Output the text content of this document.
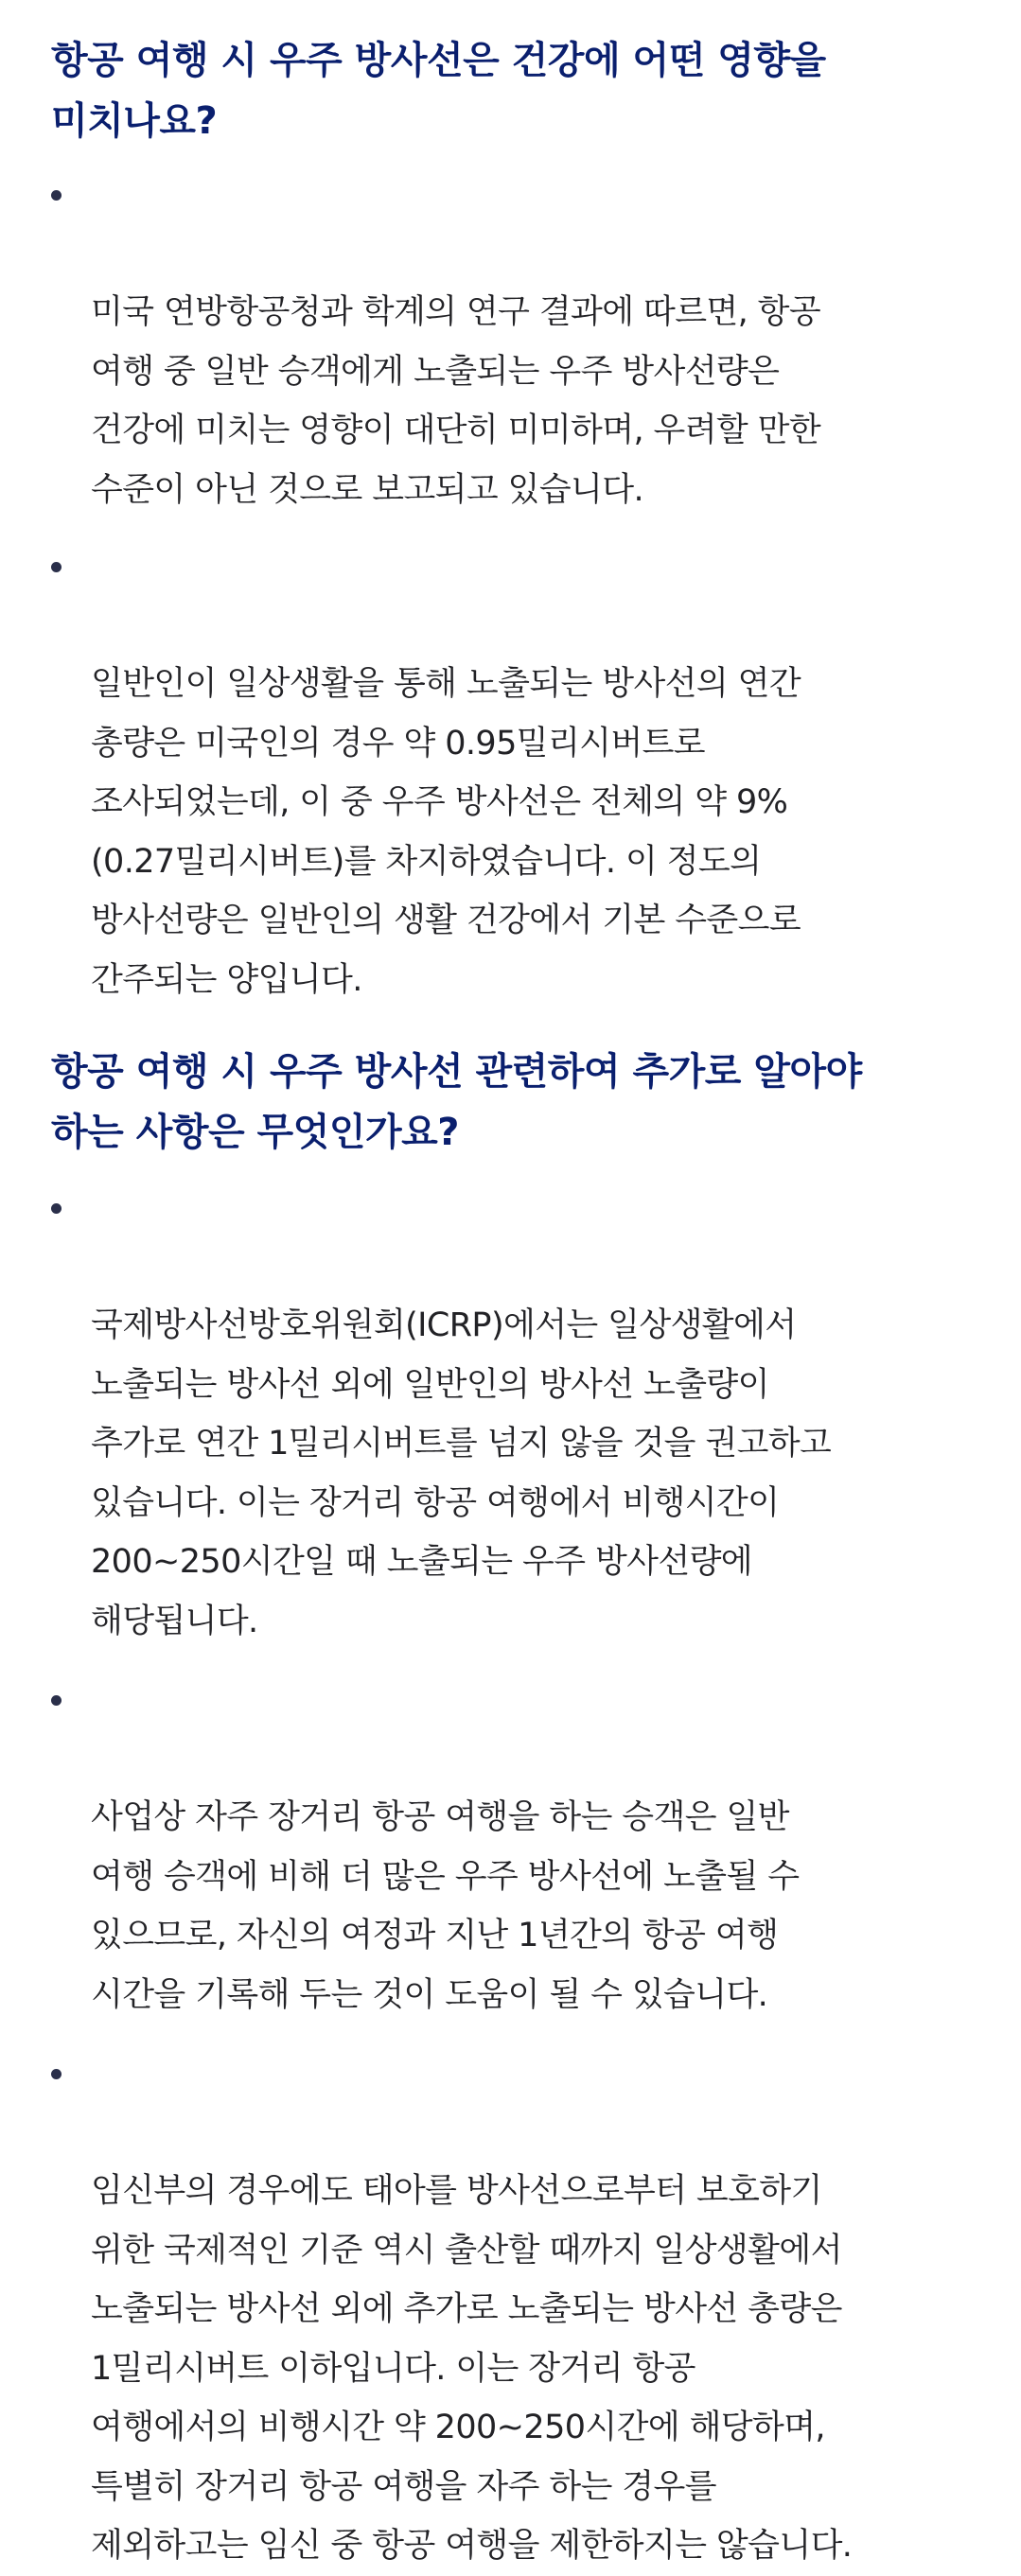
항공 여행 시 우주 방사선은 건강에 어떤 영향을
미치나요?

미국 연방항공청과 학계의 연구 결과에 따르면, 항공
여행 중 일반 승객에게 노출되는 우주 방사선량은
건강에 미치는 영향이 대단히 미미하며, 우려할 만한
수준이 아닌 것으로 보고되고 있습니다.

일반인이 일상생활을 통해 노출되는 방사선의 연간
총량은 미국인의 경우 약 0.95밀리시버트로
조사되었는데, 이 중 우주 방사선은 전체의 약 9%
(0.27밀리시버트)를 차지하였습니다. 이 정도의
방사선량은 일반인의 생활 건강에서 기본 수준으로
간주되는 양입니다.

항공 여행 시 우주 방사선 관련하여 추가로 알아야
하는 사항은 무엇인가요?

국제방사선방호위원회(ICRP)에서는 일상생활에서
노출되는 방사선 외에 일반인의 방사선 노출량이
추가로 연간 1밀리시버트를 넘지 않을 것을 권고하고
있습니다. 이는 장거리 항공 여행에서 비행시간이
200~250시간일 때 노출되는 우주 방사선량에
해당됩니다.

사업상 자주 장거리 항공 여행을 하는 승객은 일반
여행 승객에 비해 더 많은 우주 방사선에 노출될 수
있으므로, 자신의 여정과 지난 1년간의 항공 여행
시간을 기록해 두는 것이 도움이 될 수 있습니다.

임신부의 경우에도 태아를 방사선으로부터 보호하기
위한 국제적인 기준 역시 출산할 때까지 일상생활에서
노출되는 방사선 외에 추가로 노출되는 방사선 총량은
1밀리시버트 이하입니다. 이는 장거리 항공
여행에서의 비행시간 약 200~250시간에 해당하며,
특별히 장거리 항공 여행을 자주 하는 경우를
제외하고는 임신 중 항공 여행을 제한하지는 않습니다.
